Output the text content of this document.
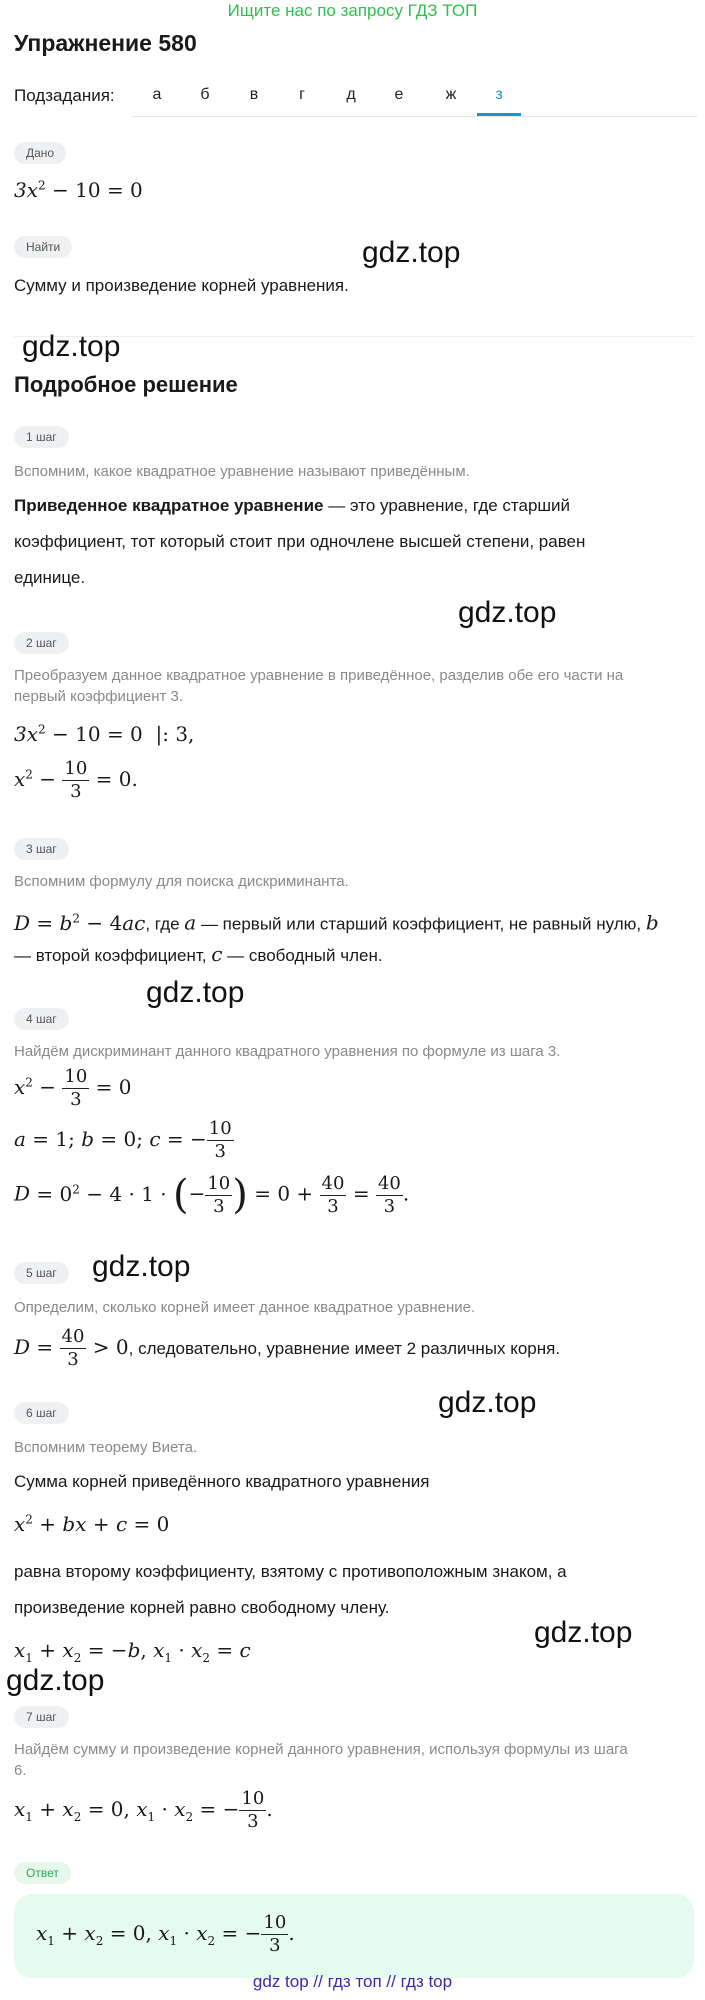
Ищите нас по запросу ГДЗ ТОП
Упражнение 580
Подзадания:	а	б	в	г	д	е	ж	з
Дано
$3x^2 - 10 = 0$
Найти
Сумму и произведение корней уравнения.
gdz.top
gdz.top
Подробное решение
1 шаг
Вспомним, какое квадратное уравнение называют приведённым.
Приведенное квадратное уравнение — это уравнение, где старший
коэффициент, тот который стоит при одночлене высшей степени, равен
единице.
gdz.top
2 шаг
Преобразуем данное квадратное уравнение в приведённое, разделив обе его части на
первый коэффициент 3.
$3x^2 - 10 = 0$  |: 3,
$x^2 - \frac{10}{3} = 0$.
3 шаг
Вспомним формулу для поиска дискриминанта.
$D = b^2 - 4ac$, где a — первый или старший коэффициент, не равный нулю, b
— второй коэффициент, c — свободный член.
gdz.top
4 шаг
Найдём дискриминант данного квадратного уравнения по формуле из шага 3.
$x^2 - \frac{10}{3} = 0$
a = 1; b = 0; c = − $\frac{10}{3}$
$D = 0^2 - 4 \cdot 1$ · (− $\frac{10}{3}$ ) = $0 + \frac{40}{3} = \frac{40}{3}$ .
5 шаг	gdz.top
Определим, сколько корней имеет данное квадратное уравнение.
$D = \frac{40}{3} > 0$, следовательно, уравнение имеет 2 различных корня.
gdz.top
6 шаг
Вспомним теорему Виета.
Сумма корней приведённого квадратного уравнения
$x^2$ + bx + c = 0
равна второму коэффициенту, взятому с противоположным знаком, а
произведение корней равно свободному члену.
$x_1 + x_2 = -b$, $x_1 \cdot x_2 = c$
gdz.top
gdz.top
7 шаг
Найдём сумму и произведение корней данного уравнения, используя формулы из шага
6.
$x_1 + x_2 = 0$, $x_1 \cdot x_2$ = − $\frac{10}{3}$ .
Ответ
$x_1 + x_2 = 0$, $x_1 \cdot x_2$ = − $\frac{10}{3}$ .
gdz top // гдз топ // гдз top
